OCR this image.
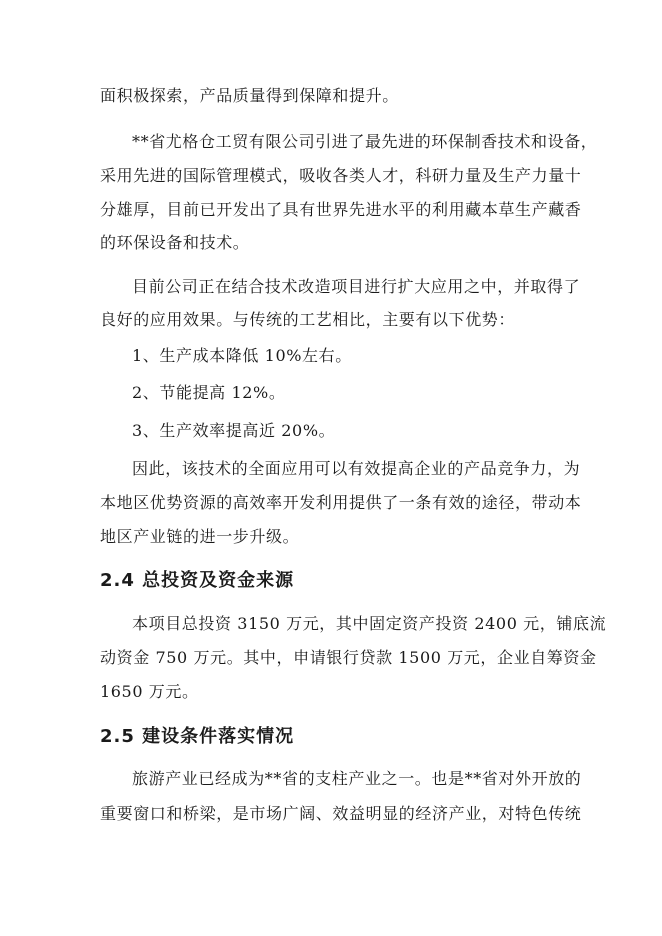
面积极探索，产品质量得到保障和提升。
**省尤格仓工贸有限公司引进了最先进的环保制香技术和设备，
采用先进的国际管理模式，吸收各类人才，科研力量及生产力量十
分雄厚，目前已开发出了具有世界先进水平的利用藏本草生产藏香
的环保设备和技术。
目前公司正在结合技术改造项目进行扩大应用之中，并取得了
良好的应用效果。与传统的工艺相比，主要有以下优势：
1、生产成本降低 10%左右。
2、节能提高 12%。
3、生产效率提高近 20%。
因此，该技术的全面应用可以有效提高企业的产品竞争力，为
本地区优势资源的高效率开发利用提供了一条有效的途径，带动本
地区产业链的进一步升级。
2.4 总投资及资金来源
本项目总投资 3150 万元，其中固定资产投资 2400 元，铺底流
动资金 750 万元。其中，申请银行贷款 1500 万元，企业自筹资金
1650 万元。
2.5 建设条件落实情况
旅游产业已经成为**省的支柱产业之一。也是**省对外开放的
重要窗口和桥梁，是市场广阔、效益明显的经济产业，对特色传统
